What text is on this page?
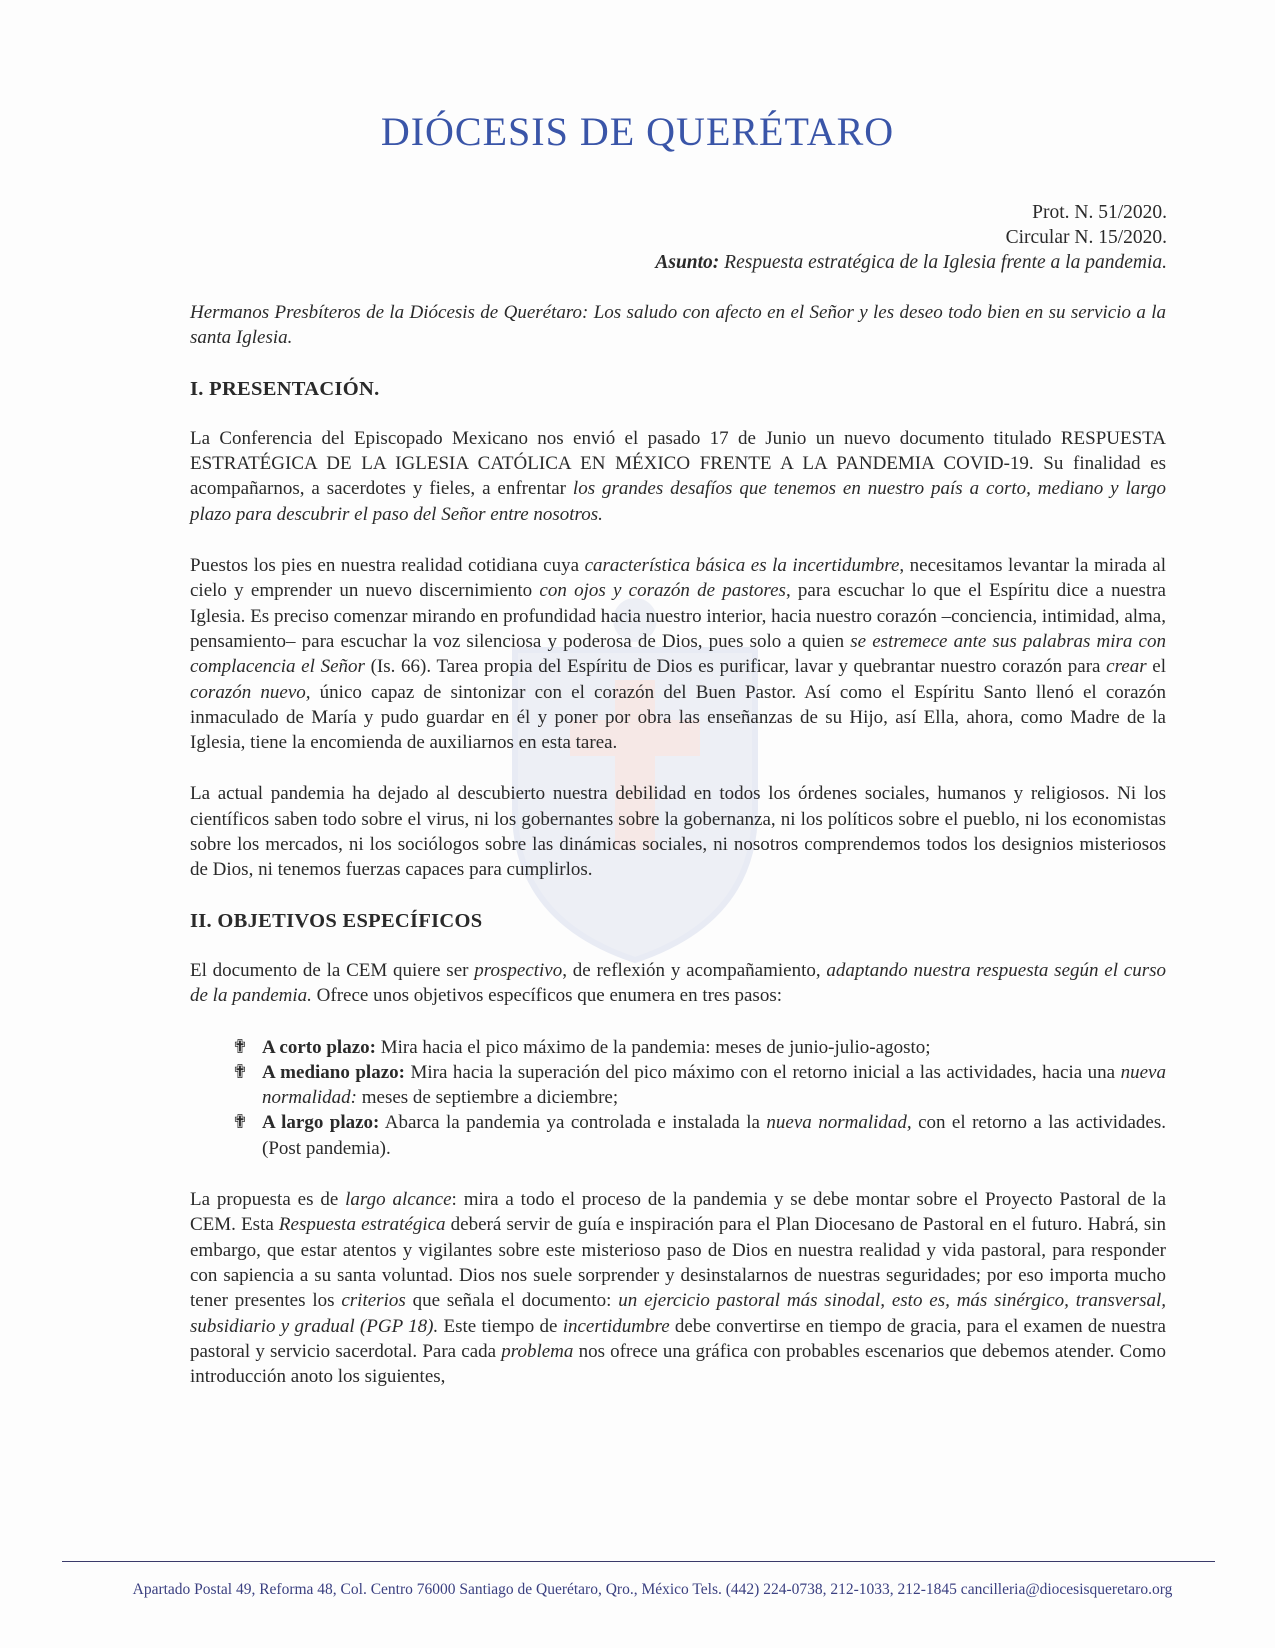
DIÓCESIS DE QUERÉTARO
Prot. N. 51/2020.
Circular N. 15/2020.
Asunto: Respuesta estratégica de la Iglesia frente a la pandemia.

Hermanos Presbíteros de la Diócesis de Querétaro: Los saludo con afecto en el Señor y les deseo todo bien en su servicio a la santa Iglesia.

I. PRESENTACIÓN.

La Conferencia del Episcopado Mexicano nos envió el pasado 17 de Junio un nuevo documento titulado RESPUESTA ESTRATÉGICA DE LA IGLESIA CATÓLICA EN MÉXICO FRENTE A LA PANDEMIA COVID-19. Su finalidad es acompañarnos, a sacerdotes y fieles, a enfrentar los grandes desafíos que tenemos en nuestro país a corto, mediano y largo plazo para descubrir el paso del Señor entre nosotros.

Puestos los pies en nuestra realidad cotidiana cuya característica básica es la incertidumbre, necesitamos levantar la mirada al cielo y emprender un nuevo discernimiento con ojos y corazón de pastores, para escuchar lo que el Espíritu dice a nuestra Iglesia. Es preciso comenzar mirando en profundidad hacia nuestro interior, hacia nuestro corazón –conciencia, intimidad, alma, pensamiento– para escuchar la voz silenciosa y poderosa de Dios, pues solo a quien se estremece ante sus palabras mira con complacencia el Señor (Is. 66). Tarea propia del Espíritu de Dios es purificar, lavar y quebrantar nuestro corazón para crear el corazón nuevo, único capaz de sintonizar con el corazón del Buen Pastor. Así como el Espíritu Santo llenó el corazón inmaculado de María y pudo guardar en él y poner por obra las enseñanzas de su Hijo, así Ella, ahora, como Madre de la Iglesia, tiene la encomienda de auxiliarnos en esta tarea.

La actual pandemia ha dejado al descubierto nuestra debilidad en todos los órdenes sociales, humanos y religiosos. Ni los científicos saben todo sobre el virus, ni los gobernantes sobre la gobernanza, ni los políticos sobre el pueblo, ni los economistas sobre los mercados, ni los sociólogos sobre las dinámicas sociales, ni nosotros comprendemos todos los designios misteriosos de Dios, ni tenemos fuerzas capaces para cumplirlos.

II. OBJETIVOS ESPECÍFICOS

El documento de la CEM quiere ser prospectivo, de reflexión y acompañamiento, adaptando nuestra respuesta según el curso de la pandemia. Ofrece unos objetivos específicos que enumera en tres pasos:

✟ A corto plazo: Mira hacia el pico máximo de la pandemia: meses de junio-julio-agosto;
✟ A mediano plazo: Mira hacia la superación del pico máximo con el retorno inicial a las actividades, hacia una nueva normalidad: meses de septiembre a diciembre;
✟ A largo plazo: Abarca la pandemia ya controlada e instalada la nueva normalidad, con el retorno a las actividades. (Post pandemia).

La propuesta es de largo alcance: mira a todo el proceso de la pandemia y se debe montar sobre el Proyecto Pastoral de la CEM. Esta Respuesta estratégica deberá servir de guía e inspiración para el Plan Diocesano de Pastoral en el futuro. Habrá, sin embargo, que estar atentos y vigilantes sobre este misterioso paso de Dios en nuestra realidad y vida pastoral, para responder con sapiencia a su santa voluntad. Dios nos suele sorprender y desinstalarnos de nuestras seguridades; por eso importa mucho tener presentes los criterios que señala el documento: un ejercicio pastoral más sinodal, esto es, más sinérgico, transversal, subsidiario y gradual (PGP 18). Este tiempo de incertidumbre debe convertirse en tiempo de gracia, para el examen de nuestra pastoral y servicio sacerdotal. Para cada problema nos ofrece una gráfica con probables escenarios que debemos atender. Como introducción anoto los siguientes,

Apartado Postal 49, Reforma 48, Col. Centro 76000 Santiago de Querétaro, Qro., México Tels. (442) 224-0738, 212-1033, 212-1845 cancilleria@diocesisqueretaro.org
